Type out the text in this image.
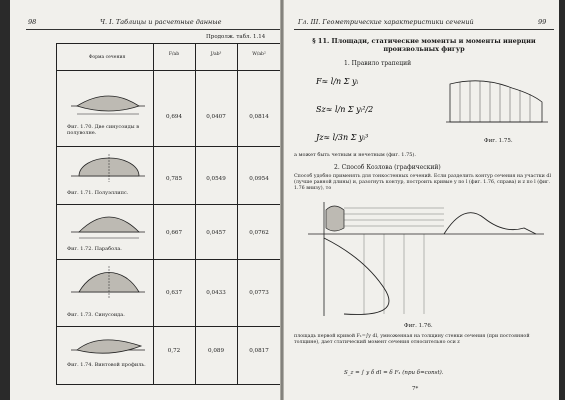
98	Ч. I. Таблицы и расчетные данные
Продолж. табл. 1.14
Форма сечения
F/ab	J/ab³	W/ab²
Фиг. 1.70. Две синусоиды в полуволне.
0,694	0,0407	0,0814
Фиг. 1.71. Полуэллипс.
0,785	0,0549	0,0954
Фиг. 1.72. Парабола.
0,667	0,0457	0,0762
Фиг. 1.73. Синусоида.
0,637	0,0433	0,0773
Фиг. 1.74. Винтовой профиль.
0,72	0,089	0,0817
Гл. III. Геометрические характеристики сечений	99
§ 11. Площади, статические моменты и моменты инерции произвольных фигур
1. Правило трапеций
F≈ l/n Σ yᵢ
Sz≈ l/n Σ yᵢ²/2
Jz≈ l/3n Σ yᵢ³	Фиг. 1.75.
а может быть четным и нечетным (фиг. 1.75).
2. Способ Козлова (графический)
Способ удобно применять для тонкостенных сечений. Если разделить контур сечения на участки dl (лучше равной длины) и, разогнуть контур, построить кривые y по l (фиг. 1.76, справа) и z по l (фиг. 1.76 внизу), то
Фиг. 1.76.
площадь первой кривой F₁=∫y dl, умноженная на толщину стенки сечения (при постоянной толщине), дает статический момент сечения относительно оси z
S_z = ∫ y δ dl = δ F₁ (при δ=const).
7*
